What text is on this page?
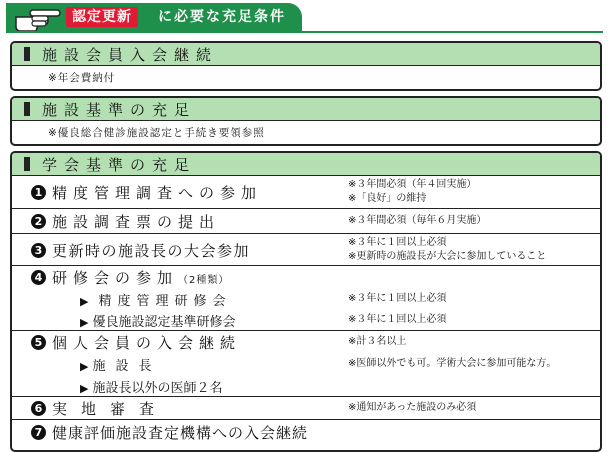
認定更新	に必要な充足条件
施設会員入会継続
※年会費納付
施設基準の充足
※優良総合健診施設認定と手続き要領参照
学会基準の充足
1 精度管理調査への参加	※３年間必須（年４回実施）
※「良好」の維持
2 施設調査票の提出	※３年間必須（毎年６月実施）
3 更新時の施設長の大会参加	※３年に１回以上必須
※更新時の施設長が大会に参加していること
4 研修会の参加（2種類）
▶ 精度管理研修会	※３年に１回以上必須
▶ 優良施設認定基準研修会	※３年に１回以上必須
5 個人会員の入会継続	※計３名以上
▶ 施設長	※医師以外でも可。学術大会に参加可能な方。
▶ 施設長以外の医師２名
6 実地審査	※通知があった施設のみ必須
7 健康評価施設査定機構への入会継続
